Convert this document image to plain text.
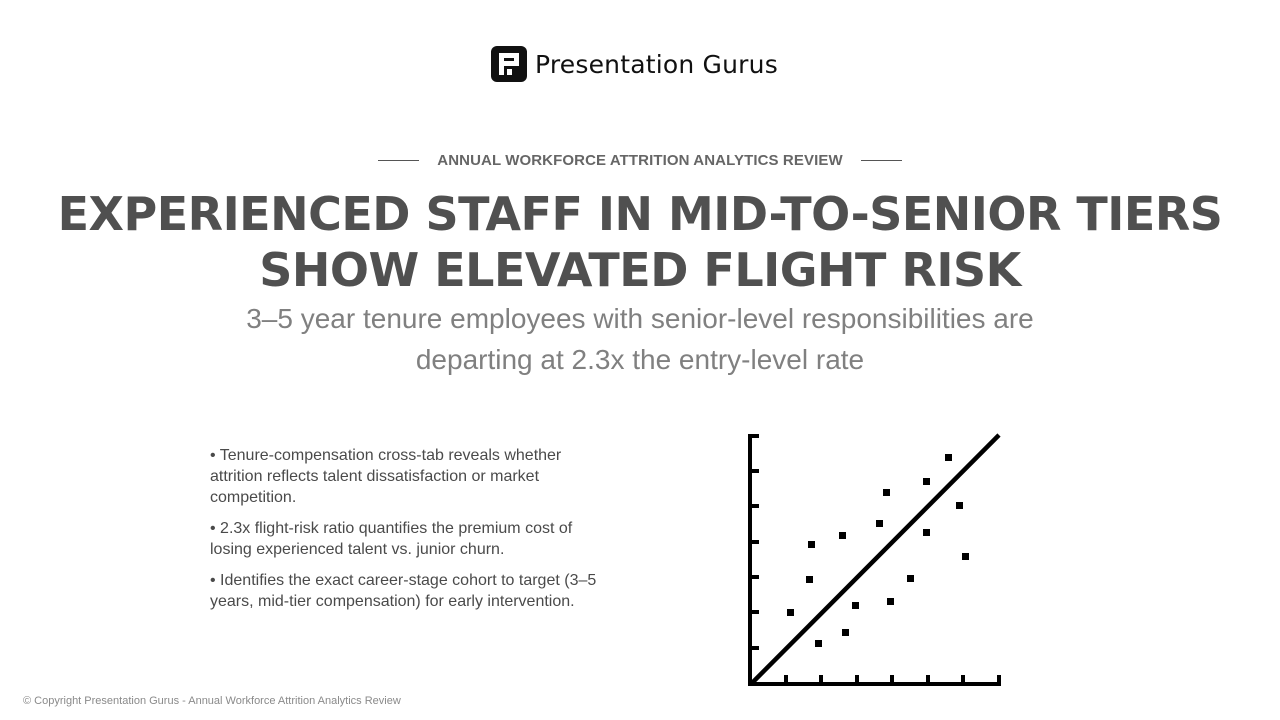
Presentation Gurus
ANNUAL WORKFORCE ATTRITION ANALYTICS REVIEW
EXPERIENCED STAFF IN MID-TO-SENIOR TIERS
SHOW ELEVATED FLIGHT RISK

3–5 year tenure employees with senior-level responsibilities are departing at 2.3x the entry-level rate

• Tenure-compensation cross-tab reveals whether attrition reflects talent dissatisfaction or market competition.
• 2.3x flight-risk ratio quantifies the premium cost of losing experienced talent vs. junior churn.
• Identifies the exact career-stage cohort to target (3–5 years, mid-tier compensation) for early intervention.
© Copyright Presentation Gurus - Annual Workforce Attrition Analytics Review
